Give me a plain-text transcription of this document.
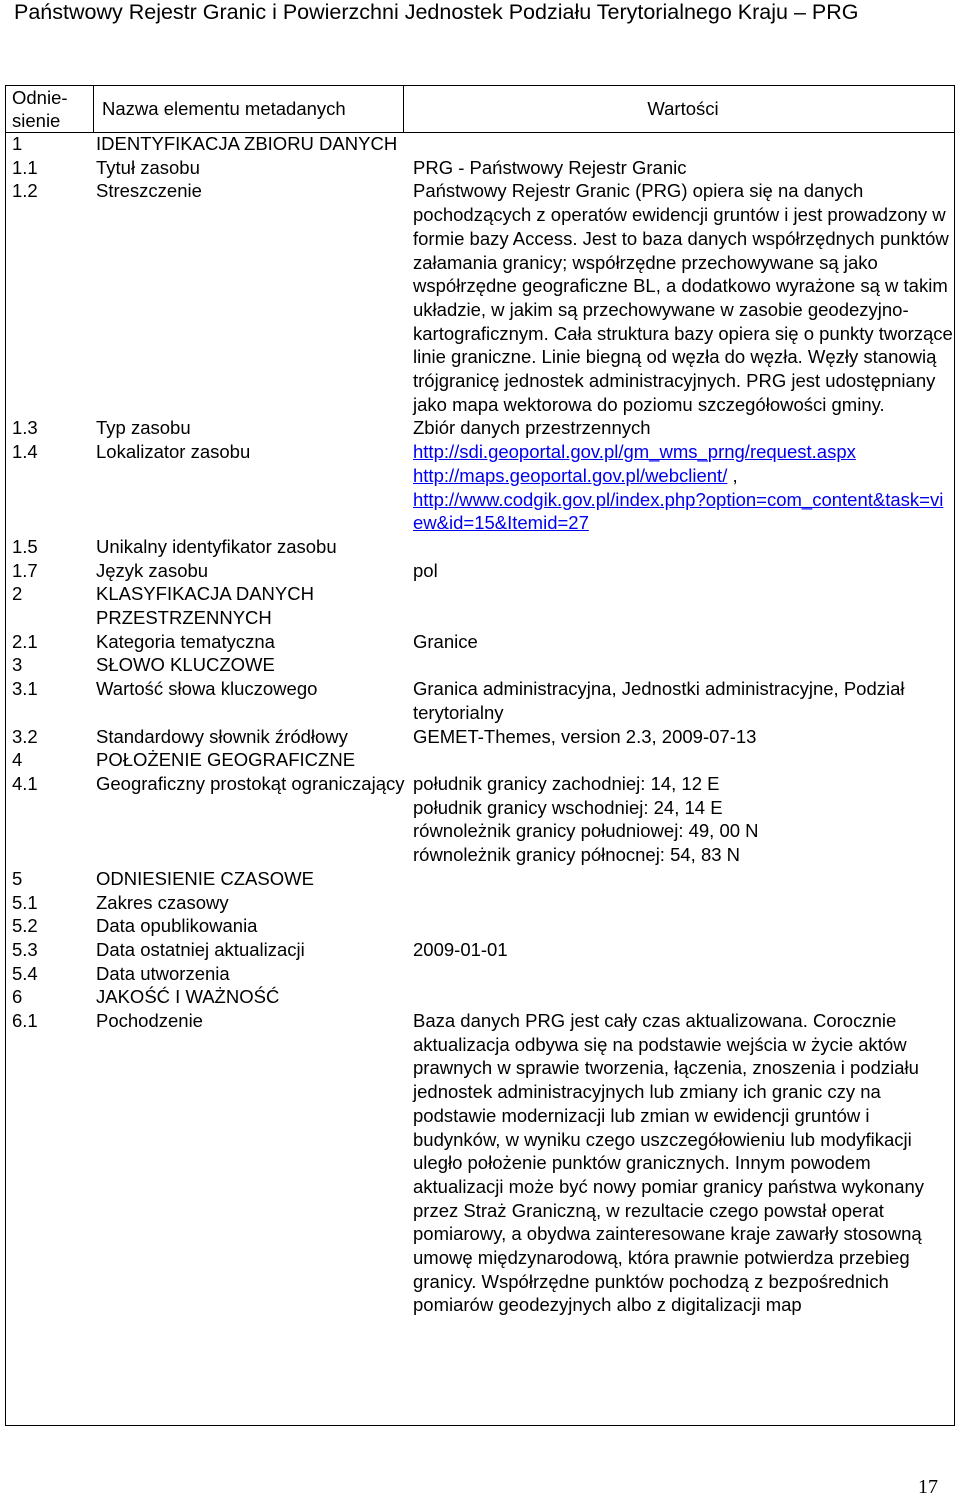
Państwowy Rejestr Granic i Powierzchni Jednostek Podziału Terytorialnego Kraju – PRG
Odnie-
sienie	Nazwa elementu metadanych	Wartości
1	IDENTYFIKACJA ZBIORU DANYCH	
1.1	Tytuł zasobu	PRG - Państwowy Rejestr Granic
1.2	Streszczenie	Państwowy Rejestr Granic (PRG) opiera się na danych pochodzących z operatów ewidencji gruntów i jest prowadzony w formie bazy Access. Jest to baza danych współrzędnych punktów załamania granicy; współrzędne przechowywane są jako współrzędne geograficzne BL, a dodatkowo wyrażone są w takim układzie, w jakim są przechowywane w zasobie geodezyjno-kartograficznym. Cała struktura bazy opiera się o punkty tworzące linie graniczne. Linie biegną od węzła do węzła. Węzły stanowią trójgranicę jednostek administracyjnych. PRG jest udostępniany jako mapa wektorowa do poziomu szczegółowości gminy.
1.3	Typ zasobu	Zbiór danych przestrzennych
1.4	Lokalizator zasobu	http://sdi.geoportal.gov.pl/gm_wms_prng/request.aspx
http://maps.geoportal.gov.pl/webclient/ ,
http://www.codgik.gov.pl/index.php?option=com_content&task=view&id=15&Itemid=27

1.5	Unikalny identyfikator zasobu	
1.7	Język zasobu	pol
2	KLASYFIKACJA DANYCH PRZESTRZENNYCH	
2.1	Kategoria tematyczna	Granice
3	SŁOWO KLUCZOWE	
3.1	Wartość słowa kluczowego	Granica administracyjna, Jednostki administracyjne, Podział terytorialny
3.2	Standardowy słownik źródłowy	GEMET-Themes, version 2.3, 2009-07-13
4	POŁOŻENIE GEOGRAFICZNE	
4.1	Geograficzny prostokąt ograniczający	południk granicy zachodniej: 14, 12 E
południk granicy wschodniej: 24, 14 E
równoleżnik granicy południowej: 49, 00 N
równoleżnik granicy północnej: 54, 83 N

5	ODNIESIENIE CZASOWE	
5.1	Zakres czasowy	
5.2	Data opublikowania	
5.3	Data ostatniej aktualizacji	2009-01-01
5.4	Data utworzenia	
6	JAKOŚĆ I WAŻNOŚĆ	
6.1	Pochodzenie	Baza danych PRG jest cały czas aktualizowana. Corocznie aktualizacja odbywa się na podstawie wejścia w życie aktów prawnych w sprawie tworzenia, łączenia, znoszenia i podziału jednostek administracyjnych lub zmiany ich granic czy na podstawie modernizacji lub zmian w ewidencji gruntów i budynków, w wyniku czego uszczegółowieniu lub modyfikacji uległo położenie punktów granicznych. Innym powodem aktualizacji może być nowy pomiar granicy państwa wykonany przez Straż Graniczną, w rezultacie czego powstał operat pomiarowy, a obydwa zainteresowane kraje zawarły stosowną umowę międzynarodową, która prawnie potwierdza przebieg granicy. Współrzędne punktów pochodzą z bezpośrednich pomiarów geodezyjnych albo z digitalizacji map
17
